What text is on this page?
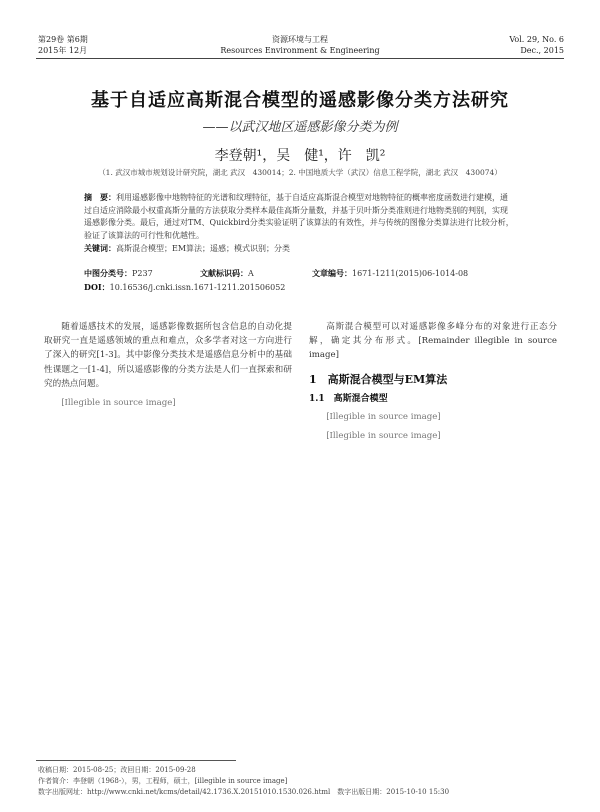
第29卷 第6期
2015年 12月
资源环境与工程
Resources Environment & Engineering
Vol. 29, No. 6
Dec., 2015
基于自适应高斯混合模型的遥感影像分类方法研究
——以武汉地区遥感影像分类为例
李登朝¹，吴　健¹，许　凯²
（1. 武汉市城市规划设计研究院，湖北 武汉　430014；2. 中国地质大学（武汉）信息工程学院，湖北 武汉　430074）
摘　要：利用遥感影像中地物特征的光谱和纹理特征，基于自适应高斯混合模型对地物特征的概率密度函数进行建模，通过自适应消除最小权重高斯分量的方法获取分类样本最佳高斯分量数，并基于贝叶斯分类准则进行地物类别的判别，实现遥感影像分类。最后，通过对TM、Quickbird分类实验证明了该算法的有效性，并与传统的图像分类算法进行比较分析，验证了该算法的可行性和优越性。
关键词：高斯混合模型；EM算法；遥感；模式识别；分类
中图分类号：P237	文献标识码：A	文章编号：1671-1211(2015)06-1014-08
DOI：10.16536/j.cnki.issn.1671-1211.201506052

随着遥感技术的发展，遥感影像数据所包含信息的自动化提取研究一直是遥感领域的重点和难点，众多学者对这一方向进行了深入的研究[1-3]。其中影像分类技术是遥感信息分析中的基础性课题之一[1-4]，所以遥感影像的分类方法是人们一直探索和研究的热点问题。

[Illegible in source image]

高斯混合模型可以对遥感影像多峰分布的对象进行正态分解，确定其分布形式。[Remainder illegible in source image]

1　高斯混合模型与EM算法
1.1　高斯混合模型

[Illegible in source image]

[Illegible in source image]

收稿日期：2015-08-25；改回日期：2015-09-28
作者简介：李登朝（1968-），男，工程师，硕士，[illegible in source image]
数字出版网址：http://www.cnki.net/kcms/detail/42.1736.X.20151010.1530.026.html　数字出版日期：2015-10-10 15:30
